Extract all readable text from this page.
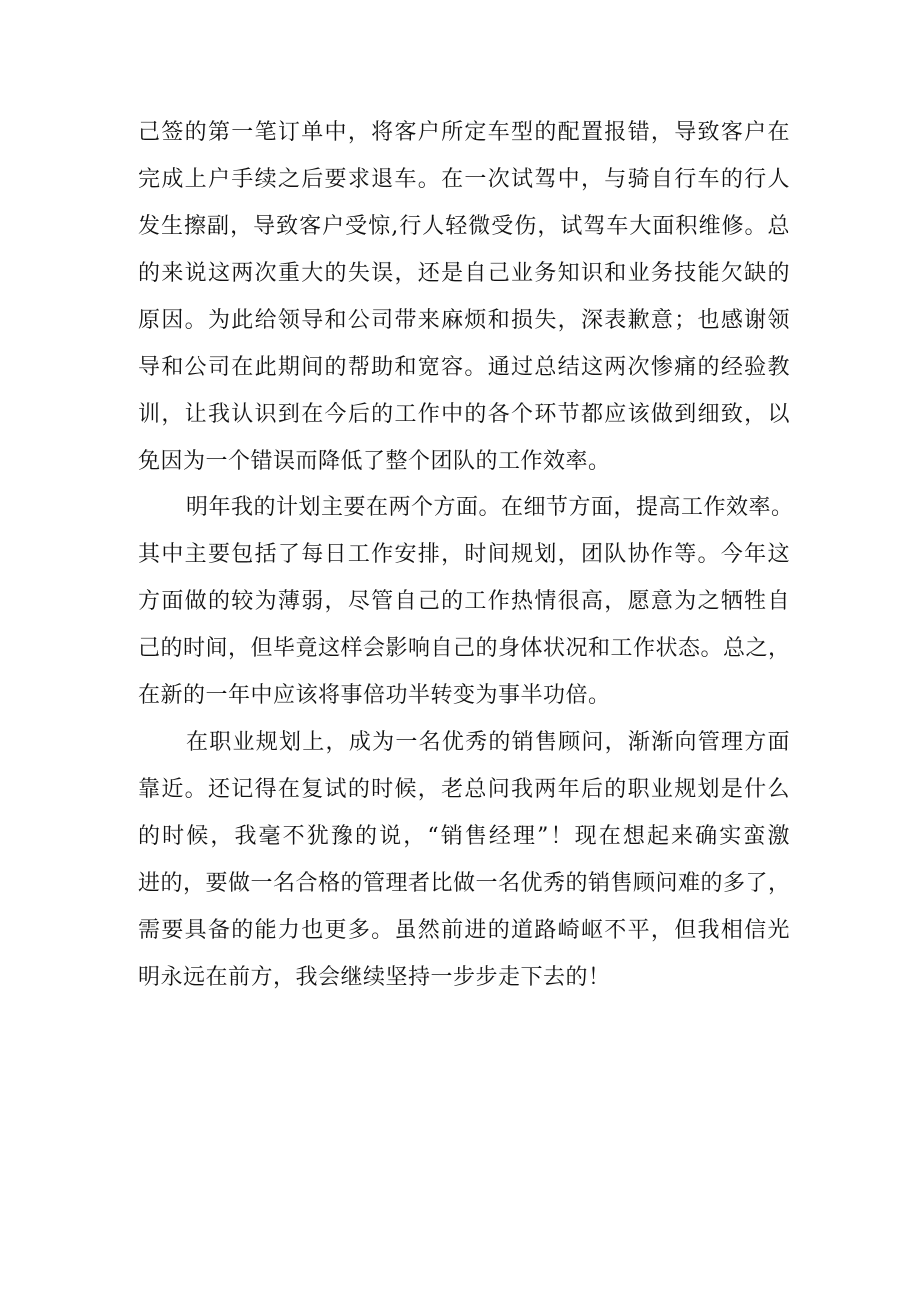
己签的第一笔订单中，将客户所定车型的配置报错，导致客户在
完成上户手续之后要求退车。在一次试驾中，与骑自行车的行人
发生擦副，导致客户受惊,行人轻微受伤，试驾车大面积维修。总
的来说这两次重大的失误，还是自己业务知识和业务技能欠缺的
原因。为此给领导和公司带来麻烦和损失，深表歉意；也感谢领
导和公司在此期间的帮助和宽容。通过总结这两次惨痛的经验教
训，让我认识到在今后的工作中的各个环节都应该做到细致，以
免因为一个错误而降低了整个团队的工作效率。
明年我的计划主要在两个方面。在细节方面，提高工作效率。
其中主要包括了每日工作安排，时间规划，团队协作等。今年这
方面做的较为薄弱，尽管自己的工作热情很高，愿意为之牺牲自
己的时间，但毕竟这样会影响自己的身体状况和工作状态。总之，
在新的一年中应该将事倍功半转变为事半功倍。
在职业规划上，成为一名优秀的销售顾问，渐渐向管理方面
靠近。还记得在复试的时候，老总问我两年后的职业规划是什么
的时候，我毫不犹豫的说，“销售经理”！现在想起来确实蛮激
进的，要做一名合格的管理者比做一名优秀的销售顾问难的多了，
需要具备的能力也更多。虽然前进的道路崎岖不平，但我相信光
明永远在前方，我会继续坚持一步步走下去的！
